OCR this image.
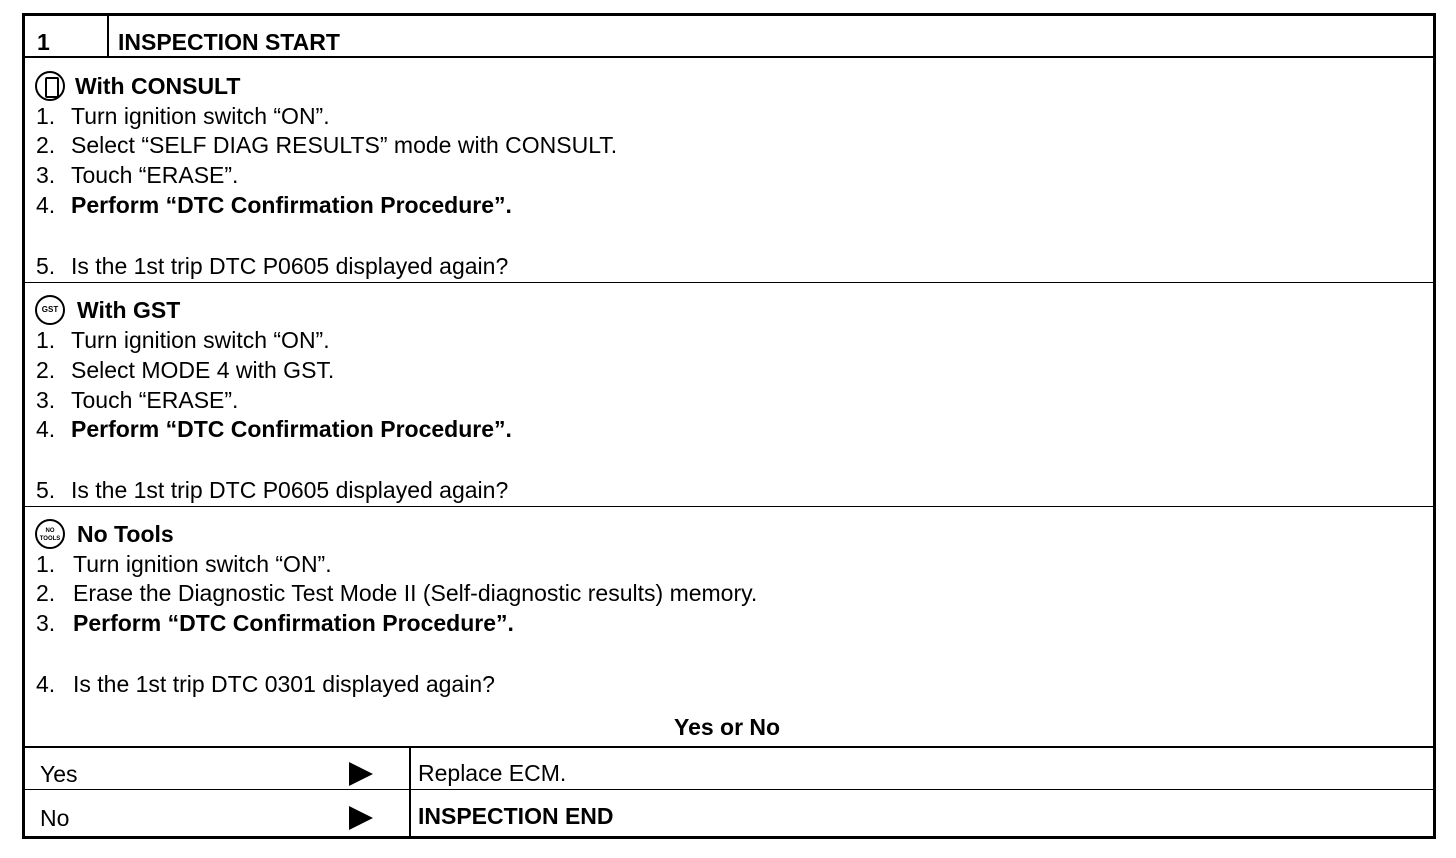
1	INSPECTION START
With CONSULT
1. Turn ignition switch “ON”.
2. Select “SELF DIAG RESULTS” mode with CONSULT.
3. Touch “ERASE”.
4. Perform “DTC Confirmation Procedure”.
5. Is the 1st trip DTC P0605 displayed again?
GST With GST
1. Turn ignition switch “ON”.
2. Select MODE 4 with GST.
3. Touch “ERASE”.
4. Perform “DTC Confirmation Procedure”.
5. Is the 1st trip DTC P0605 displayed again?
NO TOOLS No Tools
1. Turn ignition switch “ON”.
2. Erase the Diagnostic Test Mode II (Self-diagnostic results) memory.
3. Perform “DTC Confirmation Procedure”.
4. Is the 1st trip DTC 0301 displayed again?
Yes or No
Yes	Replace ECM.
No	INSPECTION END
